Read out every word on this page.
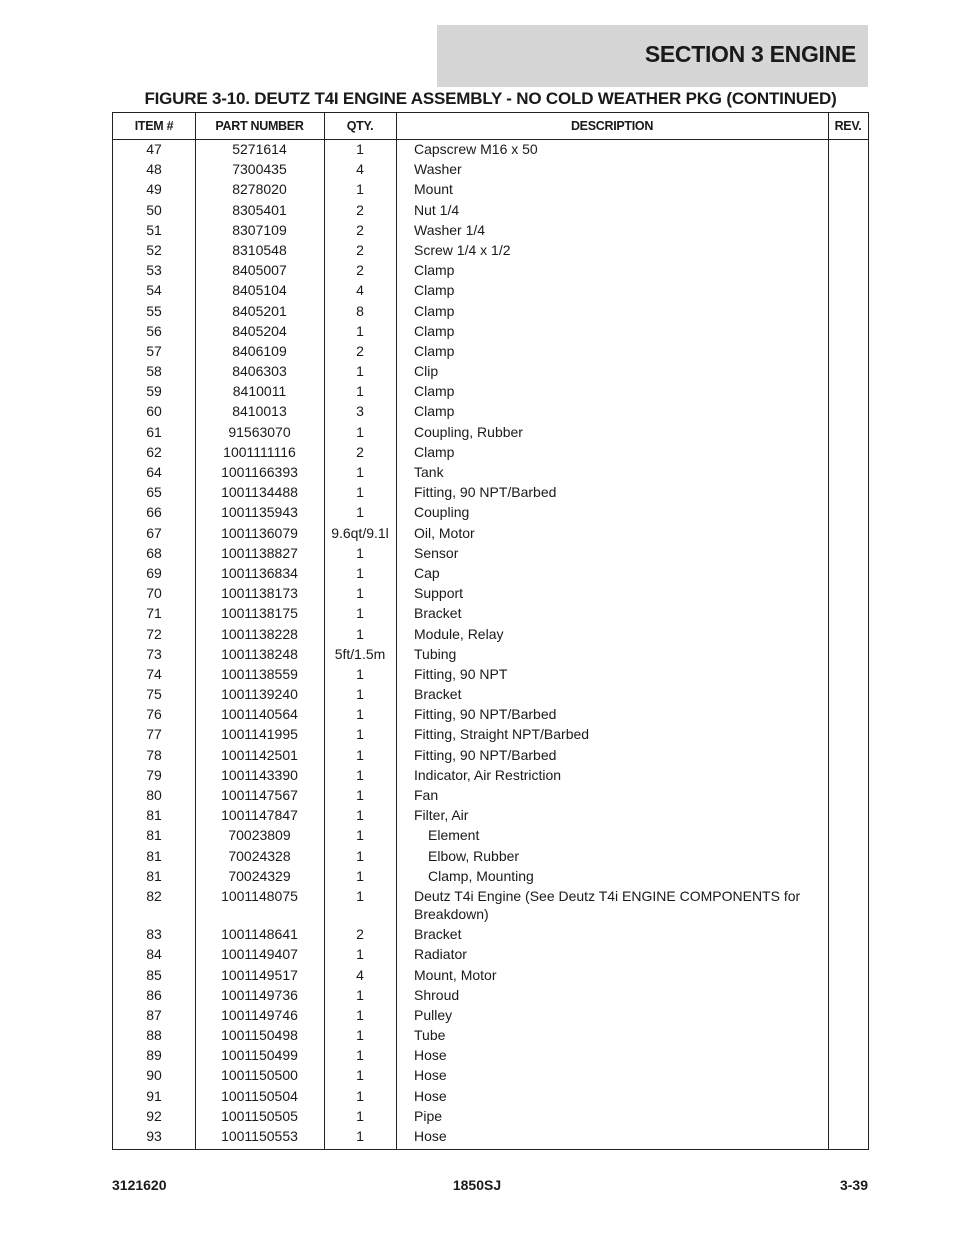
SECTION 3 ENGINE
FIGURE 3-10. DEUTZ T4I ENGINE ASSEMBLY - NO COLD WEATHER PKG (CONTINUED)
ITEM #	PART NUMBER	QTY.	DESCRIPTION	REV.
47	5271614	1	Capscrew M16 x 50
48	7300435	4	Washer
49	8278020	1	Mount
50	8305401	2	Nut 1/4
51	8307109	2	Washer 1/4
52	8310548	2	Screw 1/4 x 1/2
53	8405007	2	Clamp
54	8405104	4	Clamp
55	8405201	8	Clamp
56	8405204	1	Clamp
57	8406109	2	Clamp
58	8406303	1	Clip
59	8410011	1	Clamp
60	8410013	3	Clamp
61	91563070	1	Coupling, Rubber
62	1001111116	2	Clamp
64	1001166393	1	Tank
65	1001134488	1	Fitting, 90 NPT/Barbed
66	1001135943	1	Coupling
67	1001136079	9.6qt/9.1l	Oil, Motor
68	1001138827	1	Sensor
69	1001136834	1	Cap
70	1001138173	1	Support
71	1001138175	1	Bracket
72	1001138228	1	Module, Relay
73	1001138248	5ft/1.5m	Tubing
74	1001138559	1	Fitting, 90 NPT
75	1001139240	1	Bracket
76	1001140564	1	Fitting, 90 NPT/Barbed
77	1001141995	1	Fitting, Straight NPT/Barbed
78	1001142501	1	Fitting, 90 NPT/Barbed
79	1001143390	1	Indicator, Air Restriction
80	1001147567	1	Fan
81	1001147847	1	Filter, Air
81	70023809	1	Element
81	70024328	1	Elbow, Rubber
81	70024329	1	Clamp, Mounting
82	1001148075	1	Deutz T4i Engine (See Deutz T4i ENGINE COMPONENTS for Breakdown)
83	1001148641	2	Bracket
84	1001149407	1	Radiator
85	1001149517	4	Mount, Motor
86	1001149736	1	Shroud
87	1001149746	1	Pulley
88	1001150498	1	Tube
89	1001150499	1	Hose
90	1001150500	1	Hose
91	1001150504	1	Hose
92	1001150505	1	Pipe
93	1001150553	1	Hose
3121620	1850SJ	3-39
